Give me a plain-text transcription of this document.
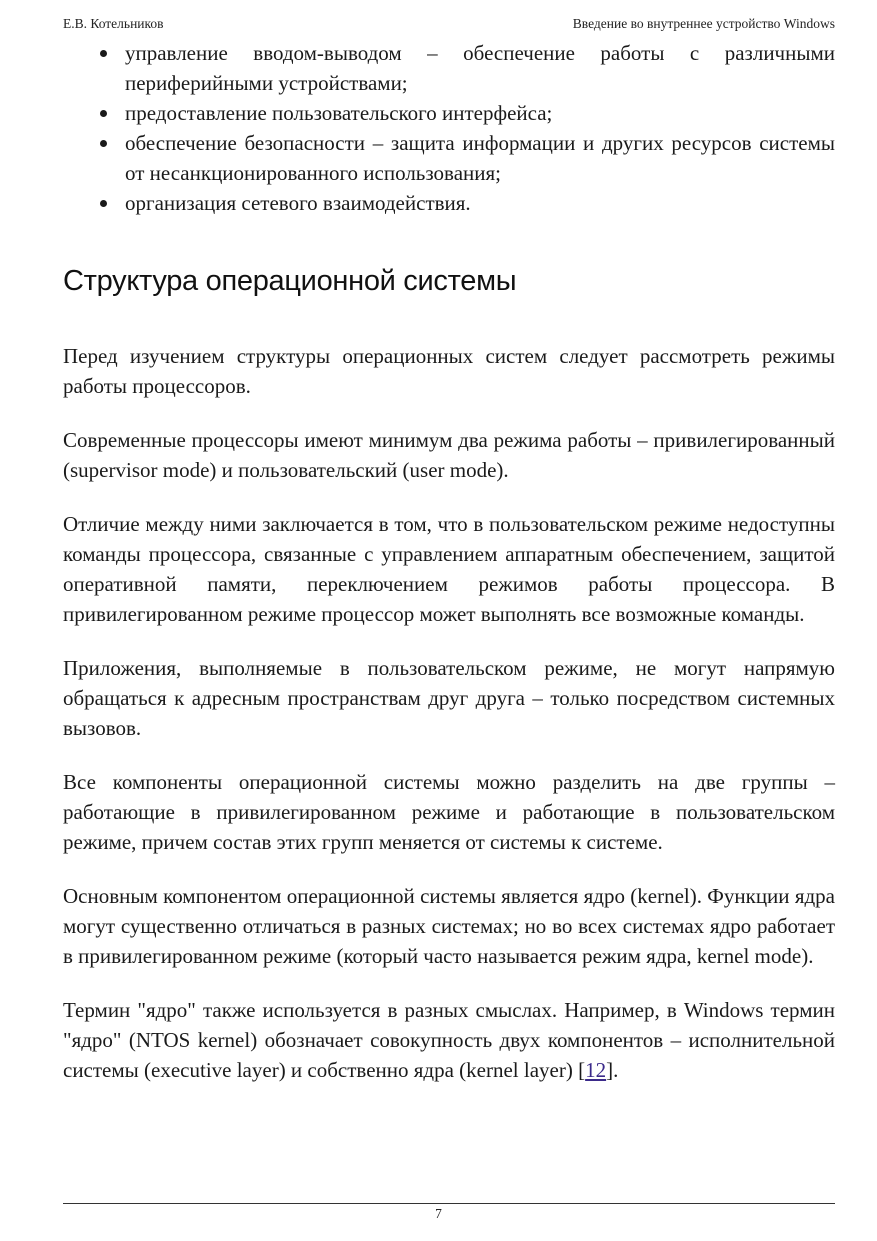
Е.В. Котельников	Введение во внутреннее устройство Windows
управление вводом-выводом – обеспечение работы с различными периферийными устройствами;
предоставление пользовательского интерфейса;
обеспечение безопасности – защита информации и других ресурсов системы от несанкционированного использования;
организация сетевого взаимодействия.
Структура операционной системы

Перед изучением структуры операционных систем следует рассмотреть режимы работы процессоров.

Современные процессоры имеют минимум два режима работы – привилегированный (supervisor mode) и пользовательский (user mode).

Отличие между ними заключается в том, что в пользовательском режиме недоступны команды процессора, связанные с управлением аппаратным обеспечением, защитой оперативной памяти, переключением режимов работы процессора. В привилегированном режиме процессор может выполнять все возможные команды.

Приложения, выполняемые в пользовательском режиме, не могут напрямую обращаться к адресным пространствам друг друга – только посредством системных вызовов.

Все компоненты операционной системы можно разделить на две группы – работающие в привилегированном режиме и работающие в пользовательском режиме, причем состав этих групп меняется от системы к системе.

Основным компонентом операционной системы является ядро (kernel). Функции ядра могут существенно отличаться в разных системах; но во всех системах ядро работает в привилегированном режиме (который часто называется режим ядра, kernel mode).

Термин "ядро" также используется в разных смыслах. Например, в Windows термин "ядро" (NTOS kernel) обозначает совокупность двух компонентов – исполнительной системы (executive layer) и собственно ядра (kernel layer) [12].

7
